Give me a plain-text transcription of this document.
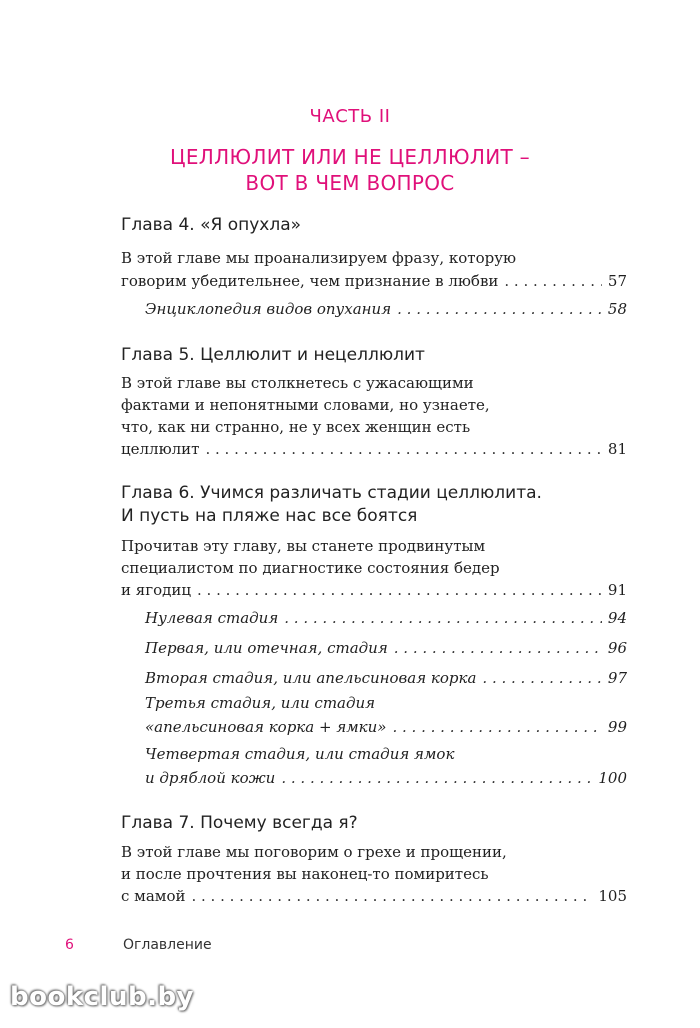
ЧАСТЬ II
ЦЕЛЛЮЛИТ ИЛИ НЕ ЦЕЛЛЮЛИТ –
ВОТ В ЧЕМ ВОПРОС
Глава 4. «Я опухла»
В этой главе мы проанализируем фразу, которую
говорим убедительнее, чем признание в любви . . .	57
Энциклопедия видов опухания . . .	58
Глава 5. Целлюлит и нецеллюлит
В этой главе вы столкнетесь с ужасающими
фактами и непонятными словами, но узнаете,
что, как ни странно, не у всех женщин есть
целлюлит . . .	81
Глава 6. Учимся различать стадии целлюлита.
И пусть на пляже нас все боятся
Прочитав эту главу, вы станете продвинутым
специалистом по диагностике состояния бедер
и ягодиц . . .	91
Нулевая стадия . . .	94
Первая, или отечная, стадия . . .	96
Вторая стадия, или апельсиновая корка . . .	97
Третья стадия, или стадия
«апельсиновая корка + ямки» . . .	99
Четвертая стадия, или стадия ямок
и дряблой кожи . . .	100
Глава 7. Почему всегда я?
В этой главе мы поговорим о грехе и прощении,
и после прочтения вы наконец-то помиритесь
с мамой . . .	105
6	Оглавление
bookclub.by
